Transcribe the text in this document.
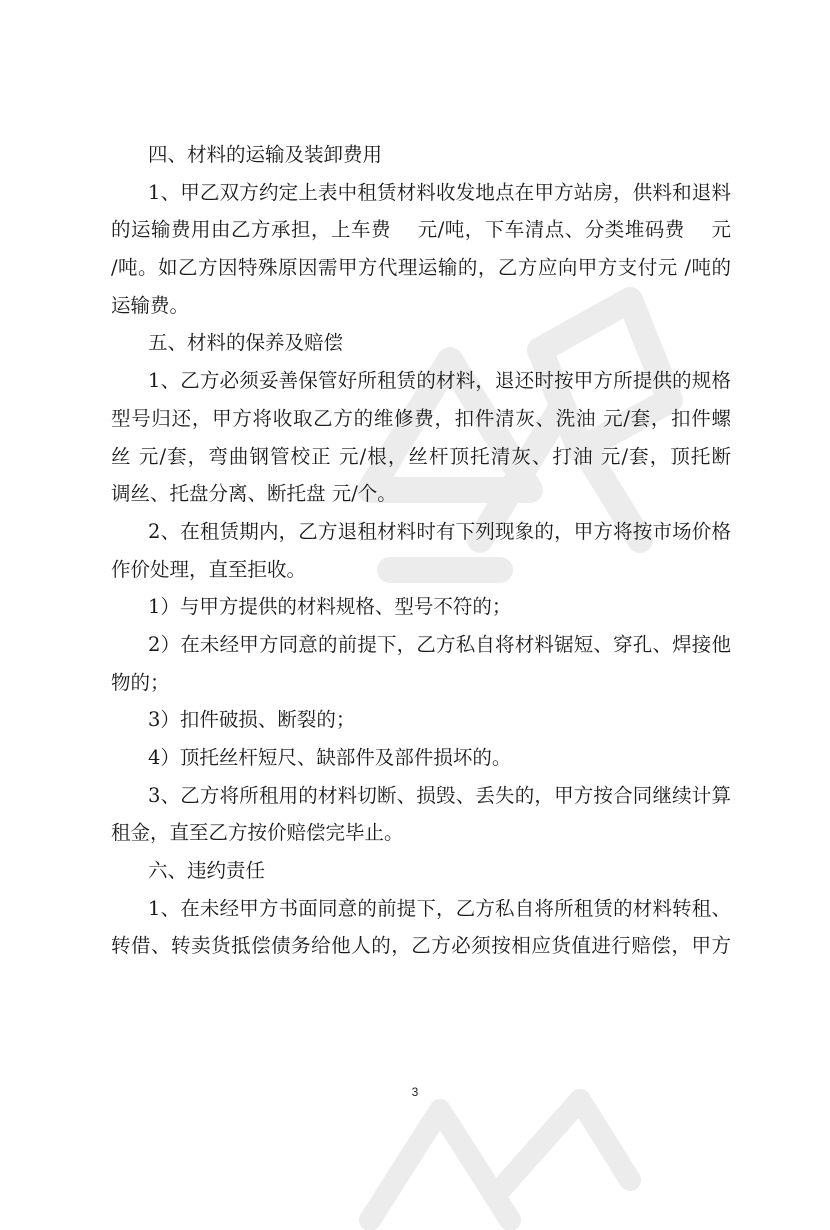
四、材料的运输及装卸费用
1、甲乙双方约定上表中租赁材料收发地点在甲方站房，供料和退料
的运输费用由乙方承担，上车费　 元/吨，下车清点、分类堆码费　 元
/吨。如乙方因特殊原因需甲方代理运输的，乙方应向甲方支付元 /吨的
运输费。
五、材料的保养及赔偿
1、乙方必须妥善保管好所租赁的材料，退还时按甲方所提供的规格
型号归还，甲方将收取乙方的维修费，扣件清灰、洗油 元/套，扣件螺
丝 元/套，弯曲钢管校正 元/根，丝杆顶托清灰、打油 元/套，顶托断
调丝、托盘分离、断托盘 元/个。
2、在租赁期内，乙方退租材料时有下列现象的，甲方将按市场价格
作价处理，直至拒收。
1）与甲方提供的材料规格、型号不符的；
2）在未经甲方同意的前提下，乙方私自将材料锯短、穿孔、焊接他
物的；
3）扣件破损、断裂的；
4）顶托丝杆短尺、缺部件及部件损坏的。
3、乙方将所租用的材料切断、损毁、丢失的，甲方按合同继续计算
租金，直至乙方按价赔偿完毕止。
六、违约责任
1、在未经甲方书面同意的前提下，乙方私自将所租赁的材料转租、
转借、转卖货抵偿债务给他人的，乙方必须按相应货值进行赔偿，甲方
3
